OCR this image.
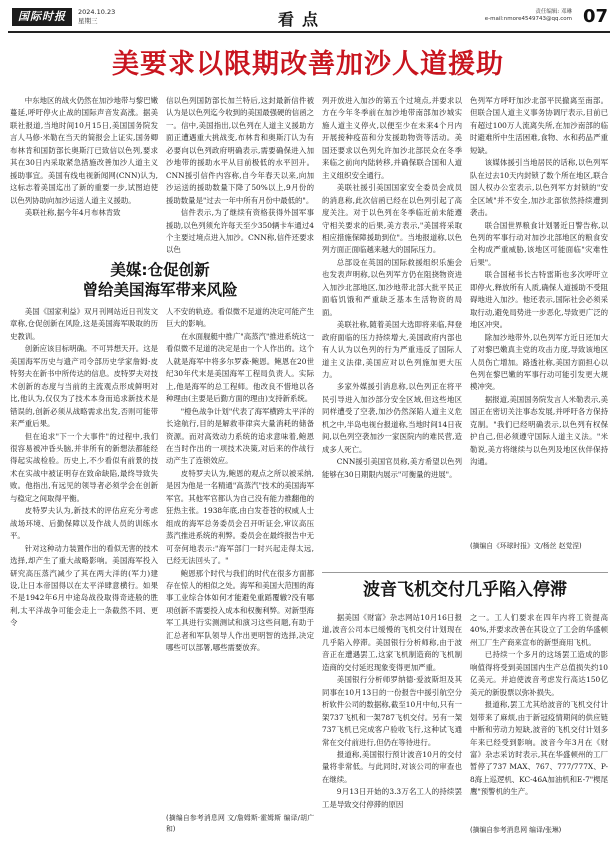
国际时报	2024.10.23
星期三	看点	责任编辑: 邓琳
e-mail:nmore4549743@qq.com 07
美要求以限期改善加沙人道援助

中东地区的战火仍然在加沙地带与黎巴嫩蔓延,呼吁停火止战的国际声音发高涨。据美联社报道,当地时间10月15日,美国国务院发言人马修·米勒在当天的简报会上证实,国务卿布林肯和国防部长奥斯汀已致信以色列,要求其在30日内采取紧急措施改善加沙人道主义援助事宜。美国有线电视新闻网(CNN)认为,这标志着美国迄出了新的重要一步,试图迫使以色列协助向加沙运送人道主义援助。

美联社称,据今年4月布林肯致

信以色列国防部长加兰特后,这封最新信件被认为是以色列迄今收到的美国最强硬的信函之一。信中,美国指出,以色列在人道主义援助方面正遭遇重大挑战变,布林肯和奥斯汀认为有必要向以色列政府明确表示,需要确保进入加沙地带的援助水平从目前极低的水平回升。CNN援引信件内容称,自今年春天以来,向加沙运送的援助数量下降了50%以上,9月份的援助数量是"过去一年中所有月份中最低的"。

信件表示,为了继续有资格获得外国军事援助,以色列须允许每天至少350辆卡车通过4个主要过境点进入加沙。CNN称,信件还要求以色

列开放进入加沙的第五个过境点,并要求以方在今年冬季前在加沙地带南部加沙城实施人道主义停火,以便至少在未来4个月内开展接种疫苗和分发援助物资等活动。美国还要求以色列允许加沙北部民众在冬季来临之前向内陆转移,并确保联合国和人道主义组织安全通行。

美联社援引美国国家安全委员会成员的消息称,此次信函已经在以色列引起了高度关注。对于以色列在冬季临近前未能遵守相关要求的后果,美方表示,"美国将采取相应措施保障援助到位"。当地报道称,以色列方面正面临越来越大的国际压力。

总部设在英国的国际救援组织乐施会也发表声明称,以色列军方仍在阻挠物资进入加沙北部地区,加沙地带北部大批平民正面临饥饿和严重缺乏基本生活物资的局面。

美联社称,随着美国大选即将来临,拜登政府面临的压力持续增大,美国政府内部也有人认为以色列的行为严重违反了国际人道主义法律,美国应对以色列施加更大压力。

多家外媒援引消息称,以色列正在将平民引导进入加沙部分安全区域,但这些地区同样遭受了空袭,加沙仍然深陷人道主义危机之中,半岛电视台报道称,当地时间14日夜间,以色列空袭加沙一家医院内的难民营,造成多人死亡。

CNN援引美国官员称,美方希望以色列能够在30日期限内展示"可衡量的进展"。

色列军方呼吁加沙北部平民撤离至南部。但联合国人道主义事务协调厅表示,目前已有超过100万人流离失所,在加沙南部的临时避难所中生活困难,食物、水和药品严重短缺。

该媒体援引当地居民的话称,以色列军队在过去10天内封锁了数个所在地区,联合国人权办公室表示,以色列军方封锁的"安全区域"并不安全,加沙北部依然持续遭到袭击。

联合国世界粮食计划署近日警告称,以色列的军事行动对加沙北部地区的粮食安全构成严重威胁,该地区可能面临"灾难性后果"。

联合国秘书长古特雷斯也多次呼吁立即停火,释放所有人质,确保人道援助不受阻碍地进入加沙。他还表示,国际社会必须采取行动,避免局势进一步恶化,导致更广泛的地区冲突。

除加沙地带外,以色列军方近日还加大了对黎巴嫩真主党的攻击力度,导致该地区人员伤亡增加。路透社称,美国方面担心以色列在黎巴嫩的军事行动可能引发更大规模冲突。

据报道,美国国务院发言人米勒表示,美国正在密切关注事态发展,并呼吁各方保持克制。"我们已经明确表示,以色列有权保护自己,但必须遵守国际人道主义法。"米勒说,美方将继续与以色列及地区伙伴保持沟通。

(摘编自《环球时报》文/杨丝 赵觉涅)
美媒:仓促创新
曾给美国海军带来风险

美国《国家利益》双月刊网站近日刊发文章称,仓促创新在风险,这是美国海军吸取的历史教训。

创新应该目标明确。不可异想天开。这是美国海军历史与遗产司令部历史学家詹姆·皮特努夫在新书中所传达的信息。皮特罗夫对技术创新的态度与当前的主流观点形成鲜明对比,他认为,仅仅为了技术本身而追求新技术是错误的,创新必须从战略需求出发,否则可能带来严重后果。

但在追求"下一个大事件"的过程中,我们很容易被冲昏头脑,并非所有的新想法都能经得起实战检验。历史上,不少看似有前景的技术在实战中被证明存在致命缺陷,最终导致失败。他指出,有远见的领导者必须学会在创新与稳定之间取得平衡。

皮特罗夫认为,新技术的评估应充分考虑战场环境、后勤保障以及作战人员的训练水平。

针对这种动力装置作出的看似无害的技术选择,却产生了重大战略影响。美国海军投入研究高压蒸汽减少了其在两大洋的(军力)建设,让日本帝国得以在太平洋肆意横行。如果不是1942年6月中途岛战役取得奇迹般的胜利,太平洋战争可能会走上一条截然不同、更令

人不安的轨迹。看似微不足道的决定可能产生巨大的影响。

在水面舰艇中推广"高蒸汽"推进系统这一看似微不足道的决定是由一个人作出的。这个人就是海军中将多尔罗森·鲍恩。鲍恩在20世纪30年代末是美国海军工程局负责人。实际上,他是海军的总工程师。他改良不惜地以各种理由(主要是后勤方面的理由)支持新系统。

"橙色战争计划"代表了海军横跨太平洋的长途航行,目的是解救菲律宾大量消耗的储备资源。而对高效动力系统的追求意味着,鲍恩在当时作出的一项技术决策,对后来的作战行动产生了连锁效应。

皮特罗夫认为,鲍恩的观点之所以被采纳,是因为他是一名精通"高蒸汽"技术的美国海军军官。其他军官都认为自己没有能力推翻他的狂热主张。1938年底,由白发苍苍的权威人士组成的海军总务委员会召开听证会,审议高压蒸汽推进系统的利弊。委员会在最终报告中无可奈何地表示:"海军部门一时兴起走得太远,已经无法回头了。"

鲍恩那个时代与我们的时代在很多方面都存在惊人的相似之处。海军和美国大范围的海事工业综合体如何才能避免重蹈覆辙?没有哪项创新不需要投入成本和权衡利弊。对新型海军工具进行实测测试和演习这些问题,有助于汇总者和军队领导人作出更明智的选择,决定哪些可以部署,哪些需要放弃。

(摘编自参考消息网 文/詹姆斯·霍姆斯 编译/胡广和)
波音飞机交付几乎陷入停滞

据美国《财富》杂志网站10月16日报道,波音公司本已缓慢的飞机交付计划现在几乎陷入停滞。美国银行分析师称,由于波音正在遭遇罢工,这家飞机制造商的飞机制造商的交付延迟现象变得更加严重。

美国银行分析师罗纳德·爱波斯坦及其同事在10月13日的一份报告中援引航空分析软件公司的数据称,截至10月中旬,只有一架737飞机和一架787飞机交付。另有一架737飞机已完成客户验收飞行,这种试飞通常在交付前进行,但仍在等待进行。

报道称,美国银行预计波音10月的交付量将非常低。与此同时,对该公司的审查也在继续。

9月13日开始的3.3万名工人的持续罢工是导致交付停滞的原因

之一。工人们要求在四年内将工资提高40%,并要求改善在其设立了工会的华盛顿州工厂生产商来宣布的新型商用飞机。

已持续一个多月的这场罢工造成的影响值得将受到美国国内生产总值损失约10亿美元。并迫使波音考虑发行高达150亿美元的新股票以弥补损失。

报道称,罢工尤其给波音的飞机交付计划带来了麻烦,由于新冠疫情期间的供应链中断和劳动力短缺,波音的飞机交付计划多年来已经受到影响。波音今年3月在《财富》杂志采访时表示,其在华盛顿州的工厂暂停了737 MAX、767、777/777X、P-8海上巡逻机、KC-46A加油机和E-7"楔尾鹰"预警机的生产。

(摘编自参考消息网 编译/张琳)
